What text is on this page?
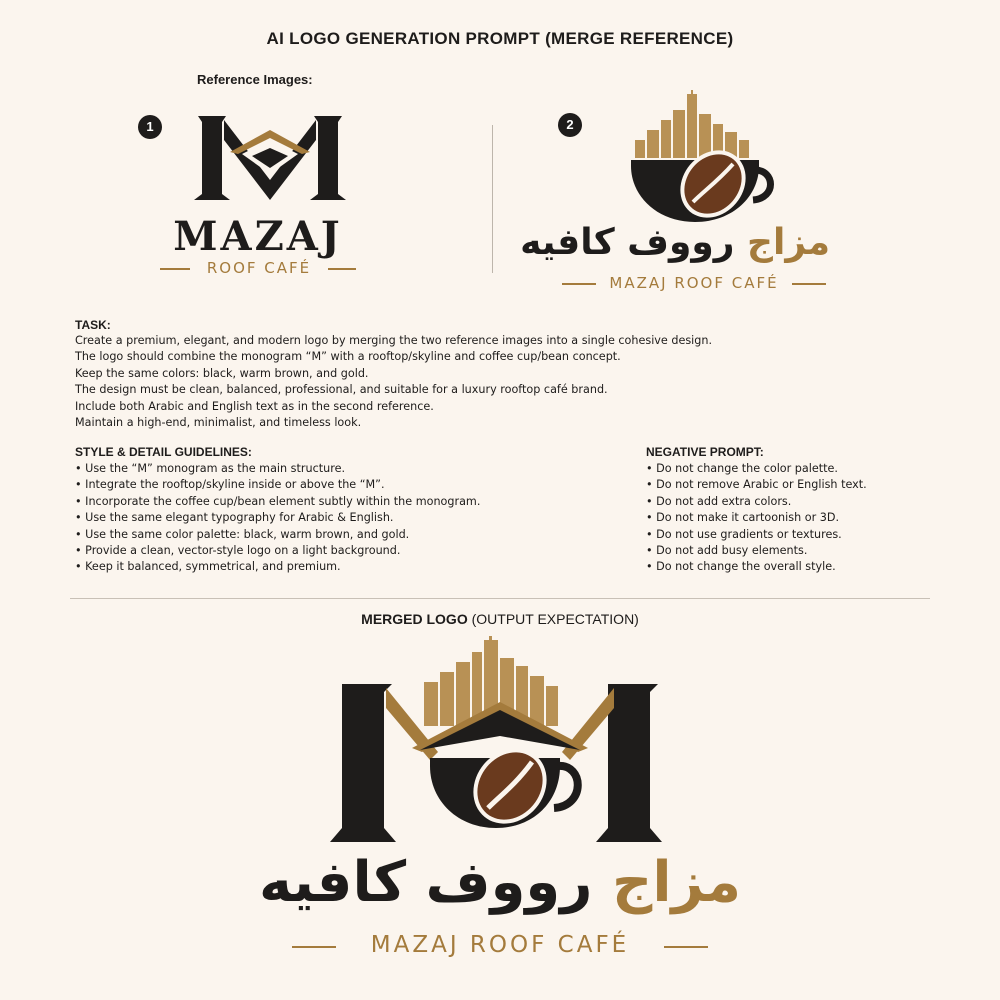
AI LOGO GENERATION PROMPT (MERGE REFERENCE)
Reference Images:
1
MAZAJ
ROOF CAFÉ
2
مزاج رووف كافيه
MAZAJ ROOF CAFÉ
TASK:
Create a premium, elegant, and modern logo by merging the two reference images into a single cohesive design.
The logo should combine the monogram “M” with a rooftop/skyline and coffee cup/bean concept.
Keep the same colors: black, warm brown, and gold.
The design must be clean, balanced, professional, and suitable for a luxury rooftop café brand.
Include both Arabic and English text as in the second reference.
Maintain a high-end, minimalist, and timeless look.
STYLE & DETAIL GUIDELINES:
• Use the “M” monogram as the main structure.
• Integrate the rooftop/skyline inside or above the “M”.
• Incorporate the coffee cup/bean element subtly within the monogram.
• Use the same elegant typography for Arabic & English.
• Use the same color palette: black, warm brown, and gold.
• Provide a clean, vector-style logo on a light background.
• Keep it balanced, symmetrical, and premium.
NEGATIVE PROMPT:
• Do not change the color palette.
• Do not remove Arabic or English text.
• Do not add extra colors.
• Do not make it cartoonish or 3D.
• Do not use gradients or textures.
• Do not add busy elements.
• Do not change the overall style.
MERGED LOGO (OUTPUT EXPECTATION)
مزاج رووف كافيه
MAZAJ ROOF CAFÉ
